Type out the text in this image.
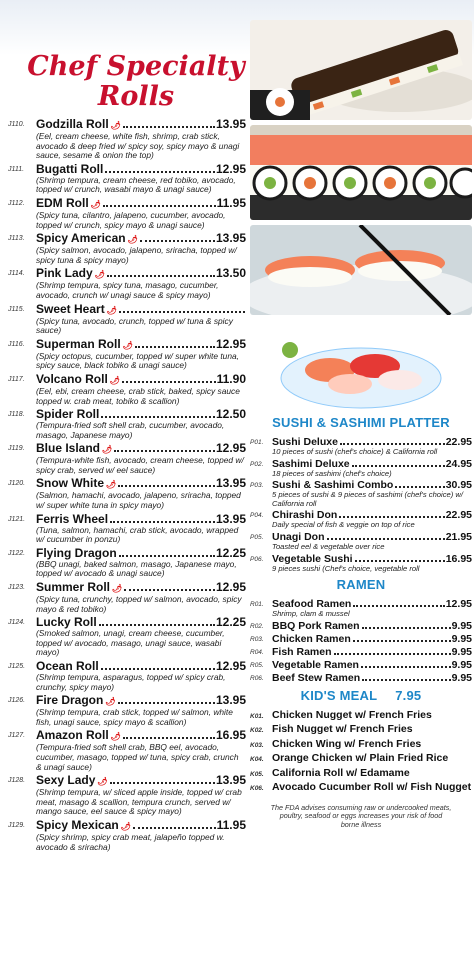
Chef Specialty
Rolls
J110. Godzilla Roll 🌶	13.95
(Eel, cream cheese, white fish, shrimp, crab stick, avocado & deep fried w/ spicy soy, spicy mayo & unagi sauce, sesame & onion the top)
J111. Bugatti Roll	12.95
(Shrimp tempura, cream cheese, red tobiko, avocado, topped w/ crunch, wasabi mayo & unagi sauce)
J112. EDM Roll 🌶	11.95
(Spicy tuna, cilantro, jalapeno, cucumber, avocado, topped w/ crunch, spicy mayo & unagi sauce)
J113. Spicy American 🌶	13.95
(Spicy salmon, avocado, jalapeno, sriracha, topped w/ spicy tuna & spicy mayo)
J114. Pink Lady 🌶	13.50
(Shrimp tempura, spicy tuna, masago, cucumber, avocado, crunch w/ unagi sauce & spicy mayo)
J115. Sweet Heart 🌶
(Spicy tuna, avocado, crunch, topped w/ tuna & spicy sauce)
J116. Superman Roll 🌶	12.95
(Spicy octopus, cucumber, topped w/ super white tuna, spicy sauce, black tobiko & unagi sauce)
J117. Volcano Roll 🌶	11.90
(Eel, ebi, cream cheese, crab stick, baked, spicy sauce topped w. crab meat, tobiko & scallion)
J118. Spider Roll	12.50
(Tempura-fried soft shell crab, cucumber, avocado, masago, Japanese mayo)
J119. Blue Island 🌶	12.95
(Tempura-white fish, avocado, cream cheese, topped w/ spicy crab, served w/ eel sauce)
J120. Snow White 🌶	13.95
(Salmon, hamachi, avocado, jalapeno, sriracha, topped w/ super white tuna in spicy mayo)
J121. Ferris Wheel	13.95
(Tuna, salmon, hamachi, crab stick, avocado, wrapped w/ cucumber in ponzu)
J122. Flying Dragon	12.25
(BBQ unagi, baked salmon, masago, Japanese mayo, topped w/ avocado & unagi sauce)
J123. Summer Roll 🌶	12.95
(Spicy tuna, crunchy, topped w/ salmon, avocado, spicy mayo & red tobiko)
J124. Lucky Roll	12.25
(Smoked salmon, unagi, cream cheese, cucumber, topped w/ avocado, masago, unagi sauce, wasabi mayo)
J125. Ocean Roll	12.95
(Shrimp tempura, asparagus, topped w/ spicy crab, crunchy, spicy mayo)
J126. Fire Dragon 🌶	13.95
(Shrimp tempura, crab stick, topped w/ salmon, white fish, unagi sauce, spicy mayo & scallion)
J127. Amazon Roll 🌶	16.95
(Tempura-fried soft shell crab, BBQ eel, avocado, cucumber, masago, topped w/ tuna, spicy crab, crunch & unagi sauce)
J128. Sexy Lady 🌶	13.95
(Shrimp tempura, w/ sliced apple inside, topped w/ crab meat, masago & scallion, tempura crunch, served w/ mango sauce, eel sauce & spicy mayo)
J129. Spicy Mexican 🌶	11.95
(Spicy shrimp, spicy crab meat, jalapeño topped w. avocado & sriracha)
SUSHI & SASHIMI PLATTER
P01. Sushi Deluxe	22.95
10 pieces of sushi (chef's choice) & California roll
P02. Sashimi Deluxe	24.95
18 pieces of sashimi (chef's choice)
P03. Sushi & Sashimi Combo	30.95
5 pieces of sushi & 9 pieces of sashimi (chef's choice) w/ California roll
P04. Chirashi Don	22.95
Daily special of fish & veggie on top of rice
P05. Unagi Don	21.95
Toasted eel & vegetable over rice
P06. Vegetable Sushi	16.95
9 pieces sushi (Chef's choice, vegetable roll
RAMEN
R01. Seafood Ramen	12.95
Shrimp, clam & mussel
R02. BBQ Pork Ramen	9.95
R03. Chicken Ramen	9.95
R04. Fish Ramen	9.95
R05. Vegetable Ramen	9.95
R06. Beef Stew Ramen	9.95
KID'S MEAL 7.95
K01. Chicken Nugget w/ French Fries
K02. Fish Nugget w/ French Fries
K03. Chicken Wing w/ French Fries
K04. Orange Chicken w/ Plain Fried Rice
K05. California Roll w/ Edamame
K06. Avocado Cucumber Roll w/ Fish Nugget

The FDA advises consuming raw or undercooked meats, poultry, seafood or eggs increases your risk of food borne illness
